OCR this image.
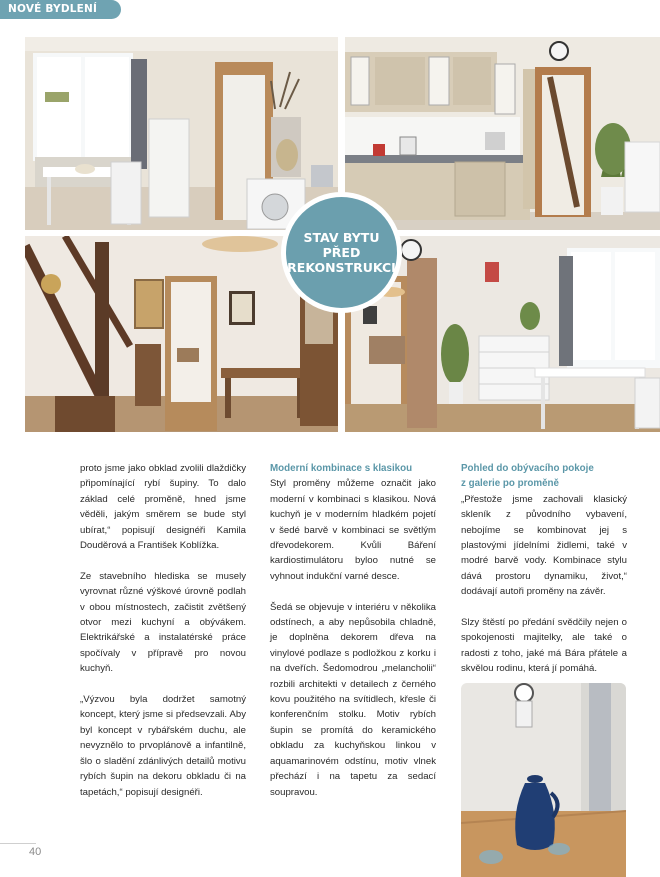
NOVÉ BYDLENÍ
STAV BYTU
PŘED
REKONSTRUKCI

proto jsme jako obklad zvolili dlaždičky připomínající rybí šupiny. To dalo základ celé proměně, hned jsme věděli, jakým směrem se bude styl ubírat,“ popisují designéři Kamila Douděrová a František Koblížka.

Ze stavebního hlediska se musely vyrovnat různé výškové úrovně podlah v obou místnostech, začistit zvětšený otvor mezi kuchyní a obývákem. Elektrikářské a instalatérské práce spočívaly v přípravě pro novou kuchyň.

„Výzvou byla dodržet samotný koncept, který jsme si předsevzali. Aby byl koncept v rybářském duchu, ale nevyznělo to prvoplánově a infantilně, šlo o sladění zdánlivých detailů motivu rybích šupin na dekoru obkladu či na tapetách,“ popisují designéři.

Moderní kombinace s klasikou

Styl proměny můžeme označit jako moderní v kombinaci s klasikou. Nová kuchyň je v moderním hladkém pojetí v šedé barvě v kombinaci se světlým dřevodekorem. Kvůli Báření kardiostimulátoru byloo nutné se vyhnout indukční varné desce.

Šedá se objevuje v interiéru v několika odstínech, a aby nepůsobila chladně, je doplněna dekorem dřeva na vinylové podlaze s podložkou z korku i na dveřích. Šedomodrou „melancholii“ rozbili architekti v detailech z černého kovu použitého na svítidlech, křesle či konferenčním stolku. Motiv rybích šupin se promítá do keramického obkladu za kuchyňskou linkou v aquamarinovém odstínu, motiv vlnek přechází i na tapetu za sedací soupravou.

Pohled do obývacího pokoje
z galerie po proměně

„Přestože jsme zachovali klasický skleník z původního vybavení, nebojíme se kombinovat jej s plastovými jídelními židlemi, také v modré barvě vody. Kombinace stylu dává prostoru dynamiku, život,“ dodávají autoři proměny na závěr.

Slzy štěstí po předání svědčily nejen o spokojenosti majitelky, ale také o radosti z toho, jaké má Bára přátele a skvělou rodinu, která jí pomáhá.

40
